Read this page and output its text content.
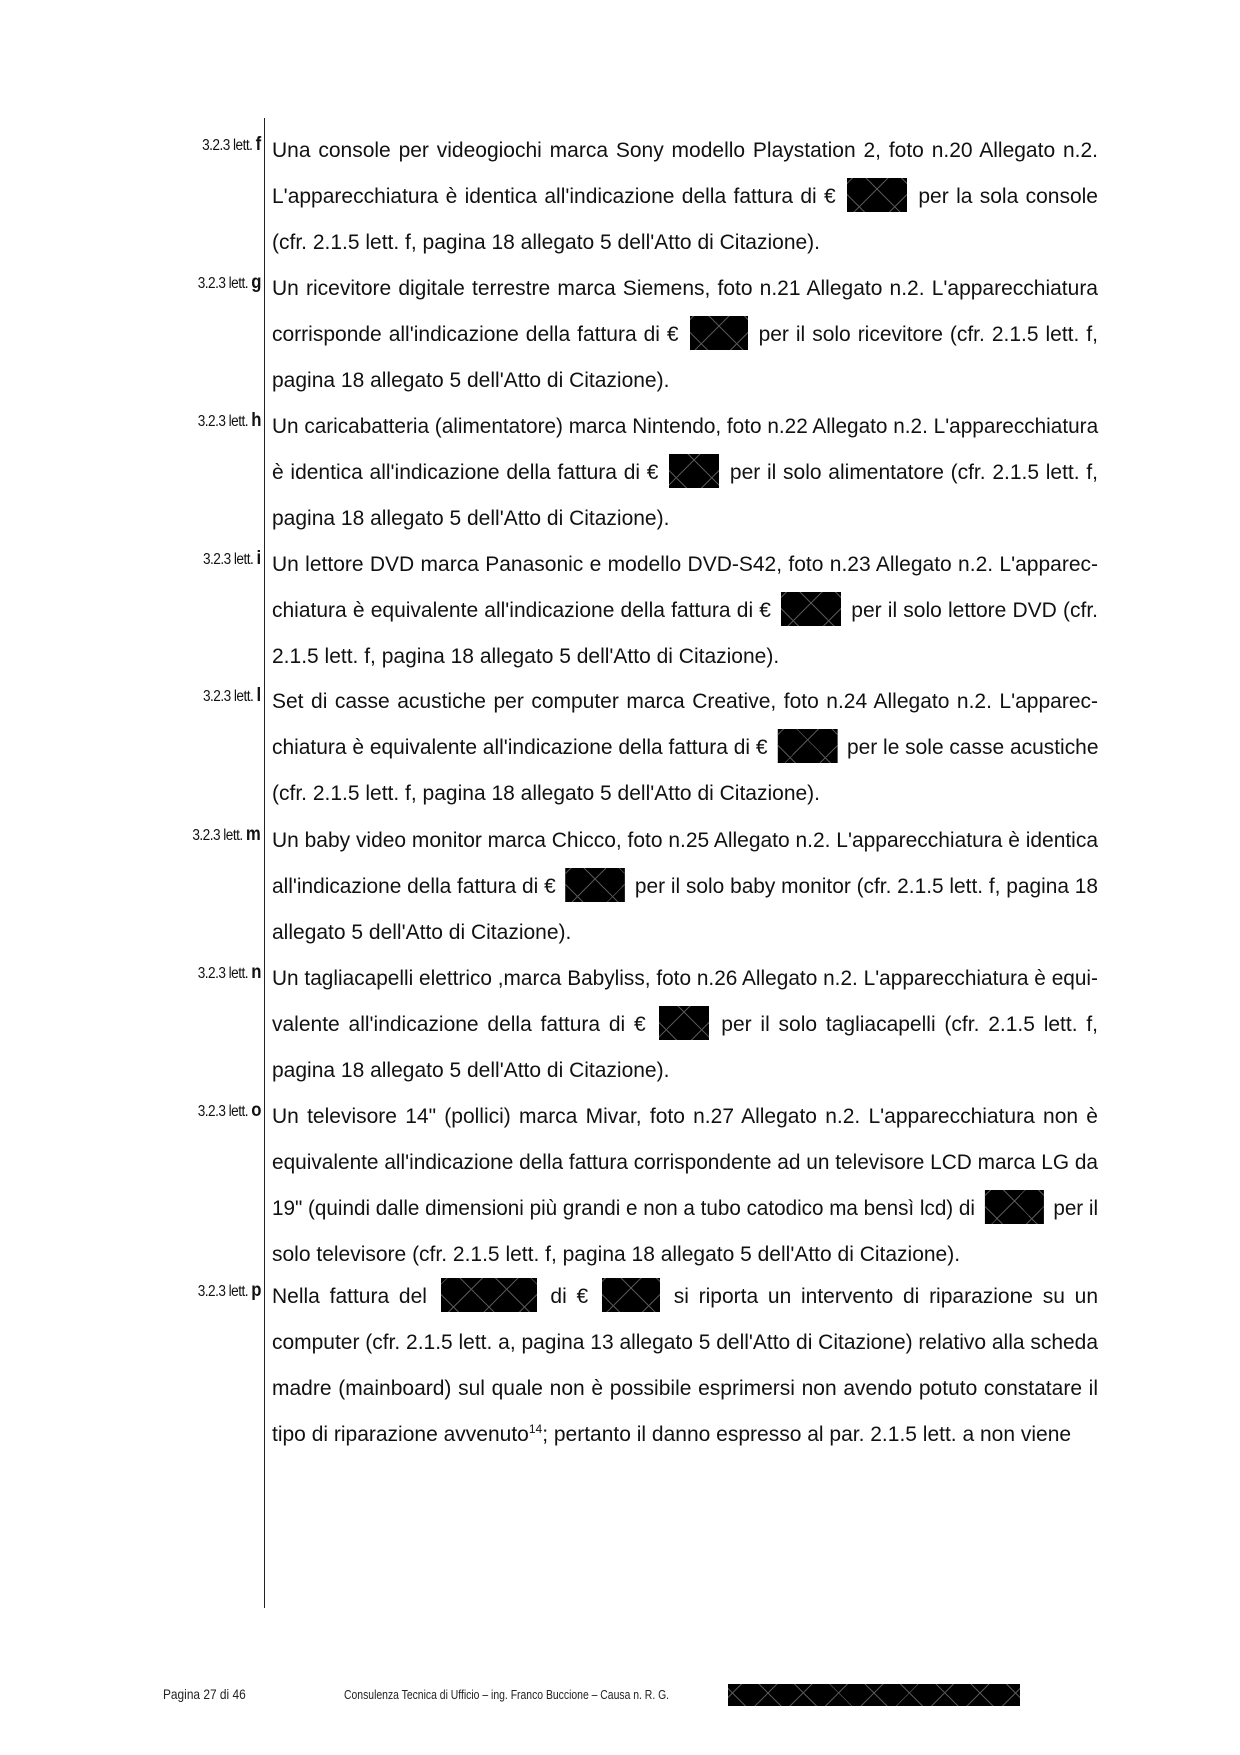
3.2.3 lett. f Una console per videogiochi marca Sony modello Playstation 2, foto n.20 Allegato n.2.
L'apparecchiatura è identica all'indicazione della fattura di €	per la sola console
(cfr. 2.1.5 lett. f, pagina 18 allegato 5 dell'Atto di Citazione).
3.2.3 lett. g Un ricevitore digitale terrestre marca Siemens, foto n.21 Allegato n.2. L'apparecchiatura
corrisponde all'indicazione della fattura di €	per il solo ricevitore (cfr. 2.1.5 lett. f,
pagina 18 allegato 5 dell'Atto di Citazione).
3.2.3 lett. h Un caricabatteria (alimentatore) marca Nintendo, foto n.22 Allegato n.2. L'apparecchiatura
è identica all'indicazione della fattura di €	per il solo alimentatore (cfr. 2.1.5 lett. f,
pagina 18 allegato 5 dell'Atto di Citazione).
3.2.3 lett. i Un lettore DVD marca Panasonic e modello DVD-S42, foto n.23 Allegato n.2. L'apparec-
chiatura è equivalente all'indicazione della fattura di €	per il solo lettore DVD (cfr.
2.1.5 lett. f, pagina 18 allegato 5 dell'Atto di Citazione).
3.2.3 lett. l Set di casse acustiche per computer marca Creative, foto n.24 Allegato n.2. L'apparec-
chiatura è equivalente all'indicazione della fattura di €	per le sole casse acustiche
(cfr. 2.1.5 lett. f, pagina 18 allegato 5 dell'Atto di Citazione).
3.2.3 lett. m Un baby video monitor marca Chicco, foto n.25 Allegato n.2. L'apparecchiatura è identica
all'indicazione della fattura di €	per il solo baby monitor (cfr. 2.1.5 lett. f, pagina 18
allegato 5 dell'Atto di Citazione).
3.2.3 lett. n Un tagliacapelli elettrico ,marca Babyliss, foto n.26 Allegato n.2. L'apparecchiatura è equi-
valente all'indicazione della fattura di €	per il solo tagliacapelli (cfr. 2.1.5 lett. f,
pagina 18 allegato 5 dell'Atto di Citazione).
3.2.3 lett. o Un televisore 14" (pollici) marca Mivar, foto n.27 Allegato n.2. L'apparecchiatura non è
equivalente all'indicazione della fattura corrispondente ad un televisore LCD marca LG da
19" (quindi dalle dimensioni più grandi e non a tubo catodico ma bensì lcd) di	per il
solo televisore (cfr. 2.1.5 lett. f, pagina 18 allegato 5 dell'Atto di Citazione).
3.2.3 lett. p Nella fattura del	di €	si riporta un intervento di riparazione su un
computer (cfr. 2.1.5 lett. a, pagina 13 allegato 5 dell'Atto di Citazione) relativo alla scheda
madre (mainboard) sul quale non è possibile esprimersi non avendo potuto constatare il
tipo di riparazione avvenuto$^{14}$; pertanto il danno espresso al par. 2.1.5 lett. a non viene
Pagina 27 di 46	Consulenza Tecnica di Ufficio – ing. Franco Buccione – Causa n. R. G.
